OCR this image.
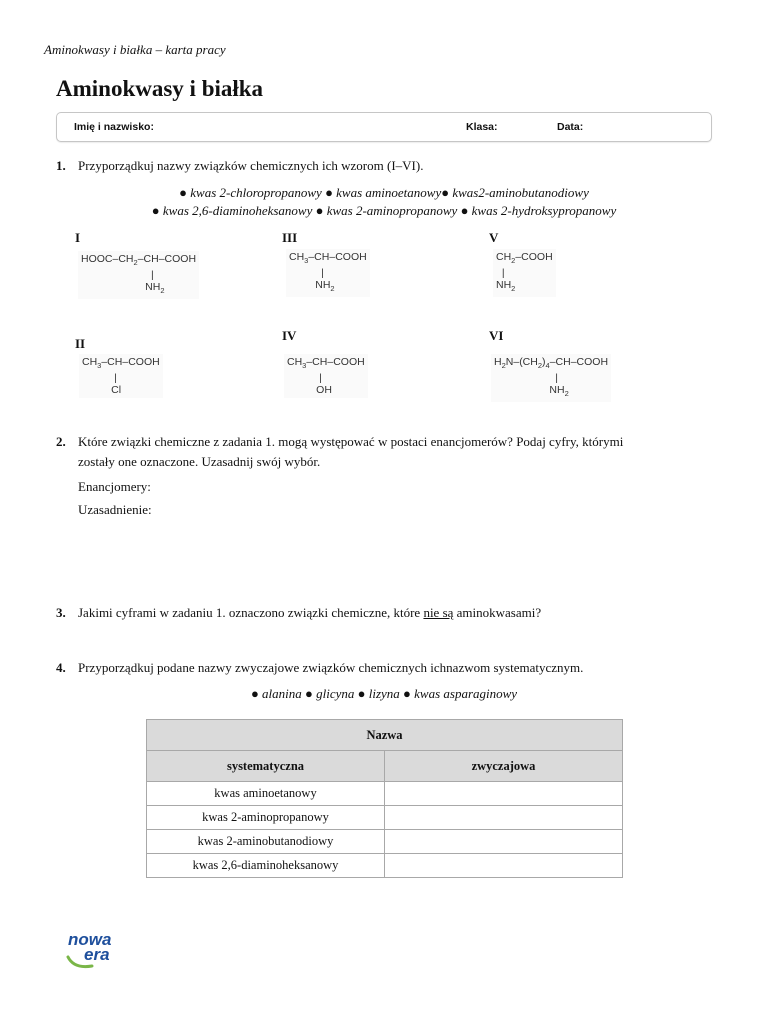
Aminokwasy i białka – karta pracy
Aminokwasy i białka
Imię i nazwisko:	Klasa:	Data:
1. Przyporządkuj nazwy związków chemicznych ich wzorom (I–VI).
● kwas 2-chloropropanowy ● kwas aminoetanowy● kwas2-aminobutanodiowy
● kwas 2,6-diaminoheksanowy ● kwas 2-aminopropanowy ● kwas 2-hydroksypropanowy
I
HOOC–$CH_2-CH$–COOH
|
$NH_2$
III
$CH_3-CH$–COOH
|
$NH_2$
V
$CH_2$–COOH
|
$NH_2$
II
$CH_3-CH$–COOH
|
Cl
IV
$CH_3-CH$–COOH
|
OH
VI
$H_2N-(CH_2)_4-CH$–COOH
|
$NH_2$
2. Które związki chemiczne z zadania 1. mogą występować w postaci enancjomerów? Podaj cyfry, którymi
zostały one oznaczone. Uzasadnij swój wybór.
Enancjomery:
Uzasadnienie:
3. Jakimi cyframi w zadaniu 1. oznaczono związki chemiczne, które nie są aminokwasami?
4. Przyporządkuj podane nazwy zwyczajowe związków chemicznych ichnazwom systematycznym.
● alanina ● glicyna ● lizyna ● kwas asparaginowy
Nazwa	
systematyczna	zwyczajowa
kwas aminoetanowy	
kwas 2-aminopropanowy	
kwas 2-aminobutanodiowy	
kwas 2,6-diaminoheksanowy	
nowa
era
